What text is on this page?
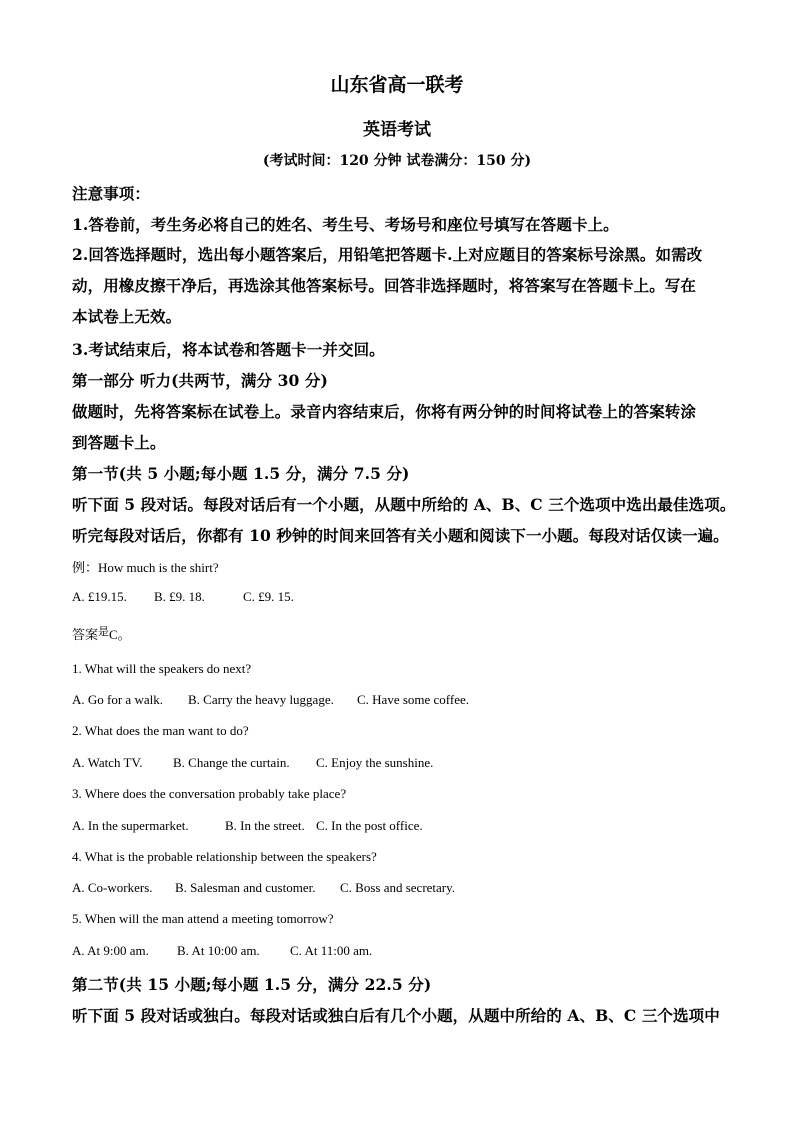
山东省高一联考
英语考试
(考试时间：120 分钟 试卷满分：150 分)
注意事项：
1.答卷前，考生务必将自己的姓名、考生号、考场号和座位号填写在答题卡上。
2.回答选择题时，选出每小题答案后，用铅笔把答题卡.上对应题目的答案标号涂黑。如需改
动，用橡皮擦干净后，再选涂其他答案标号。回答非选择题时，将答案写在答题卡上。写在
本试卷上无效。
3.考试结束后，将本试卷和答题卡一并交回。
第一部分 听力(共两节，满分 30 分)
做题时，先将答案标在试卷上。录音内容结束后，你将有两分钟的时间将试卷上的答案转涂
到答题卡上。
第一节(共 5 小题;每小题 1.5 分，满分 7.5 分)
听下面 5 段对话。每段对话后有一个小题，从题中所给的 A、B、C 三个选项中选出最佳选项。
听完每段对话后，你都有 10 秒钟的时间来回答有关小题和阅读下一小题。每段对话仅读一遍。
例：How much is the shirt?
A. £19.15. B. £9. 18.	C. £9. 15.
答案$^是$C。
1. What will the speakers do next?
A. Go for a walk. B. Carry the heavy luggage. C. Have some coffee.
2. What does the man want to do?
A. Watch TV. B. Change the curtain. C. Enjoy the sunshine.
3. Where does the conversation probably take place?
A. In the supermarket.	B. In the street. C. In the post office.
4. What is the probable relationship between the speakers?
A. Co-workers. B. Salesman and customer. C. Boss and secretary.
5. When will the man attend a meeting tomorrow?
A. At 9:00 am. B. At 10:00 am. C. At 11:00 am.
第二节(共 15 小题;每小题 1.5 分，满分 22.5 分)
听下面 5 段对话或独白。每段对话或独白后有几个小题，从题中所给的 A、B、C 三个选项中
